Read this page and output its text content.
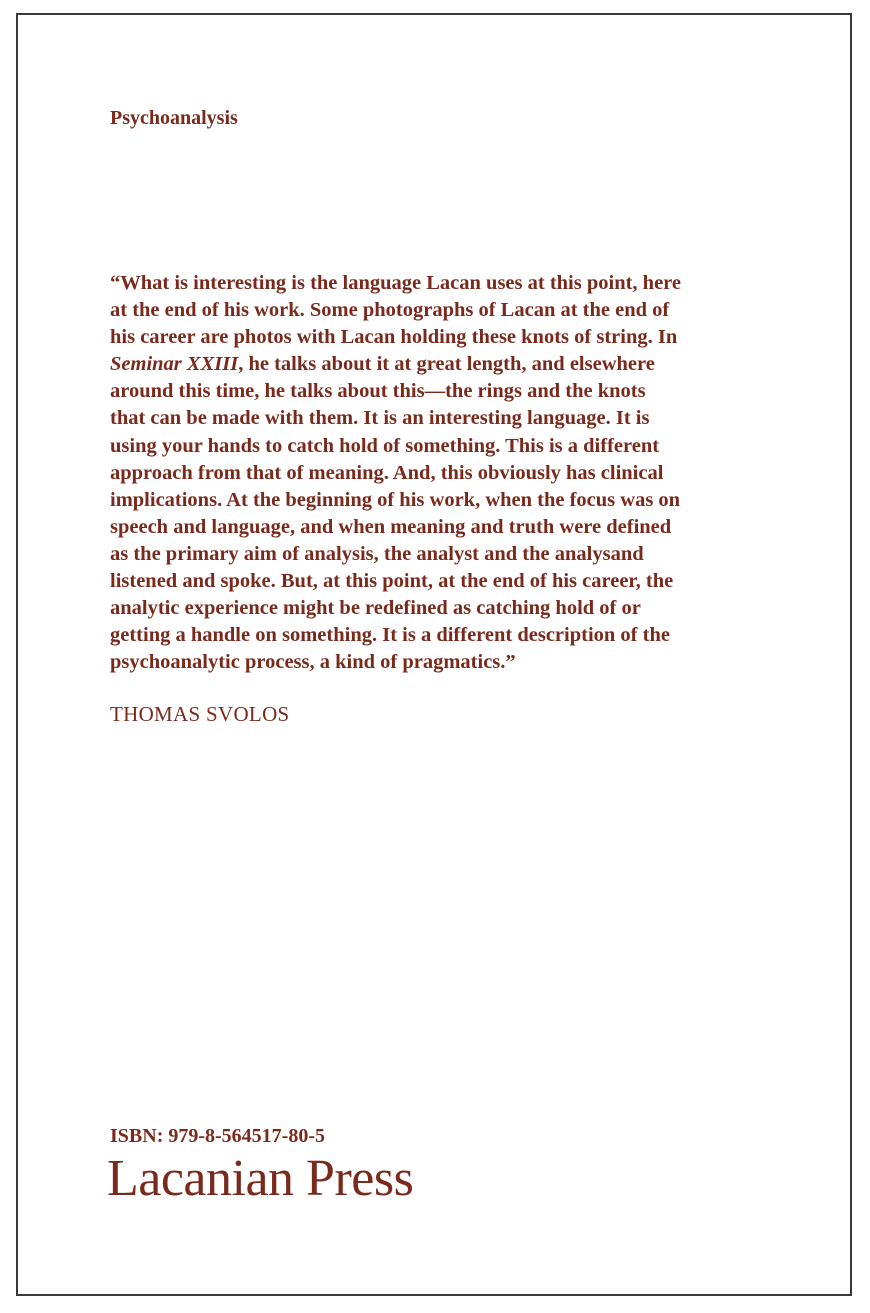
Psychoanalysis

“What is interesting is the language Lacan uses at this point, here
at the end of his work. Some photographs of Lacan at the end of
his career are photos with Lacan holding these knots of string. In
Seminar XXIII, he talks about it at great length, and elsewhere
around this time, he talks about this—the rings and the knots
that can be made with them. It is an interesting language. It is
using your hands to catch hold of something. This is a different
approach from that of meaning. And, this obviously has clinical
implications. At the beginning of his work, when the focus was on
speech and language, and when meaning and truth were defined
as the primary aim of analysis, the analyst and the analysand
listened and spoke. But, at this point, at the end of his career, the
analytic experience might be redefined as catching hold of or
getting a handle on something. It is a different description of the
psychoanalytic process, a kind of pragmatics.”

THOMAS SVOLOS
ISBN: 979-8-564517-80-5
Lacanian Press
